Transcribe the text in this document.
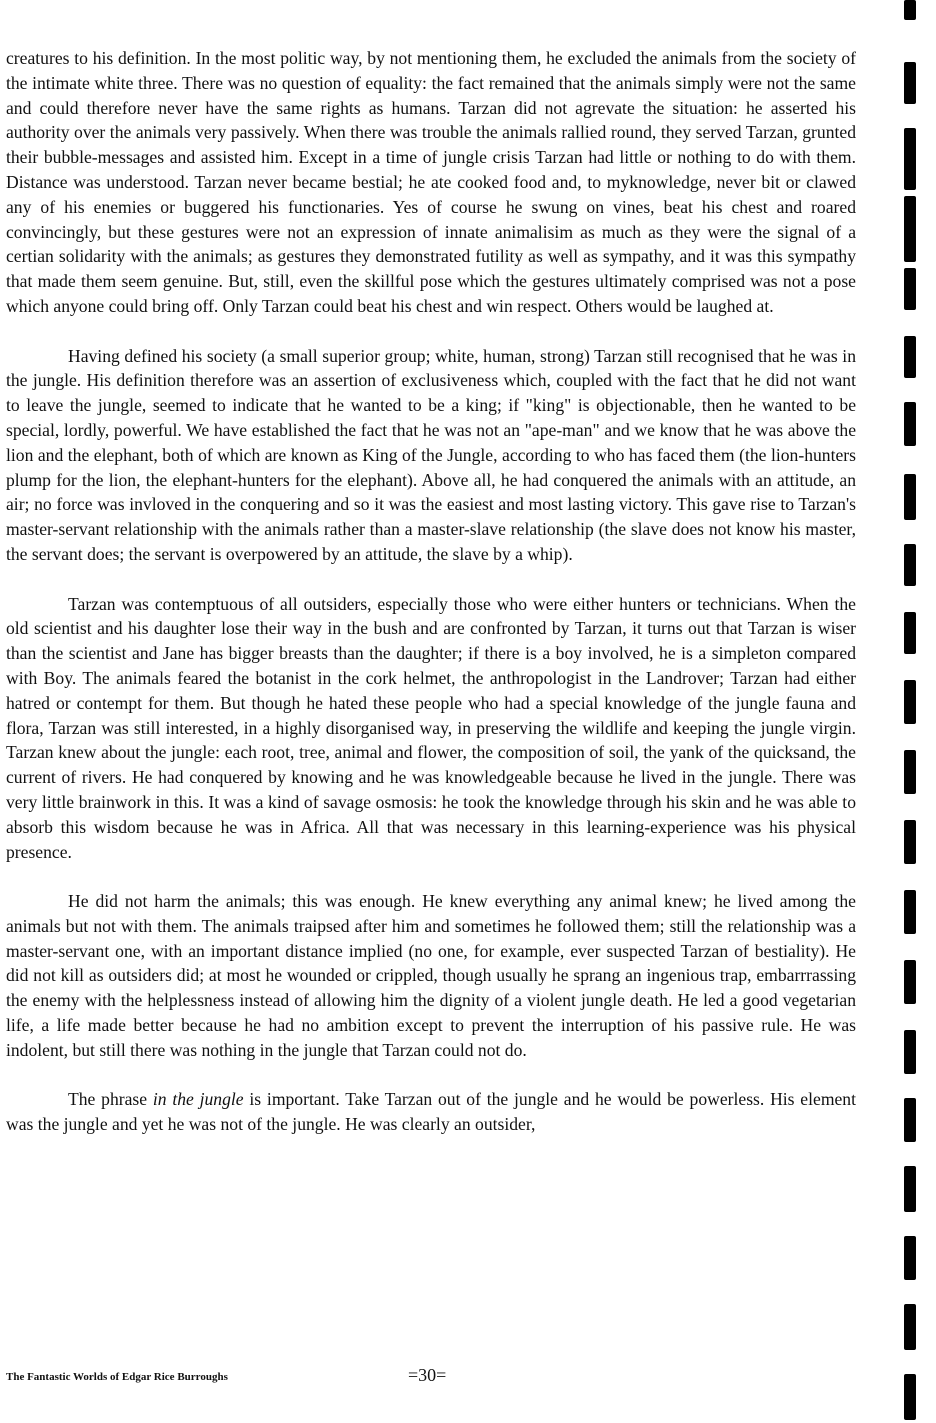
creatures to his definition. In the most politic way, by not mentioning them, he excluded the animals from the society of the intimate white three. There was no question of equality: the fact remained that the animals simply were not the same and could therefore never have the same rights as humans. Tarzan did not agrevate the situation: he asserted his authority over the animals very passively. When there was trouble the animals rallied round, they served Tarzan, grunted their bubble-messages and assisted him. Except in a time of jungle crisis Tarzan had little or nothing to do with them. Distance was understood. Tarzan never became bestial; he ate cooked food and, to myknowledge, never bit or clawed any of his enemies or buggered his functionaries. Yes of course he swung on vines, beat his chest and roared convincingly, but these gestures were not an expression of innate animalisim as much as they were the signal of a certian solidarity with the animals; as gestures they demonstrated futility as well as sympathy, and it was this sympathy that made them seem genuine. But, still, even the skillful pose which the gestures ultimately comprised was not a pose which anyone could bring off. Only Tarzan could beat his chest and win respect. Others would be laughed at.

Having defined his society (a small superior group; white, human, strong) Tarzan still recognised that he was in the jungle. His definition therefore was an assertion of exclusiveness which, coupled with the fact that he did not want to leave the jungle, seemed to indicate that he wanted to be a king; if "king" is objectionable, then he wanted to be special, lordly, powerful. We have established the fact that he was not an "ape-man" and we know that he was above the lion and the elephant, both of which are known as King of the Jungle, according to who has faced them (the lion-hunters plump for the lion, the elephant-hunters for the elephant). Above all, he had conquered the animals with an attitude, an air; no force was invloved in the conquering and so it was the easiest and most lasting victory. This gave rise to Tarzan's master-servant relationship with the animals rather than a master-slave relationship (the slave does not know his master, the servant does; the servant is overpowered by an attitude, the slave by a whip).

Tarzan was contemptuous of all outsiders, especially those who were either hunters or technicians. When the old scientist and his daughter lose their way in the bush and are confronted by Tarzan, it turns out that Tarzan is wiser than the scientist and Jane has bigger breasts than the daughter; if there is a boy involved, he is a simpleton compared with Boy. The animals feared the botanist in the cork helmet, the anthropologist in the Landrover; Tarzan had either hatred or contempt for them. But though he hated these people who had a special knowledge of the jungle fauna and flora, Tarzan was still interested, in a highly disorganised way, in preserving the wildlife and keeping the jungle virgin. Tarzan knew about the jungle: each root, tree, animal and flower, the composition of soil, the yank of the quicksand, the current of rivers. He had conquered by knowing and he was knowledgeable because he lived in the jungle. There was very little brainwork in this. It was a kind of savage osmosis: he took the knowledge through his skin and he was able to absorb this wisdom because he was in Africa. All that was necessary in this learning-experience was his physical presence.

He did not harm the animals; this was enough. He knew everything any animal knew; he lived among the animals but not with them. The animals traipsed after him and sometimes he followed them; still the relationship was a master-servant one, with an important distance implied (no one, for example, ever suspected Tarzan of bestiality). He did not kill as outsiders did; at most he wounded or crippled, though usually he sprang an ingenious trap, embarrrassing the enemy with the helplessness instead of allowing him the dignity of a violent jungle death. He led a good vegetarian life, a life made better because he had no ambition except to prevent the interruption of his passive rule. He was indolent, but still there was nothing in the jungle that Tarzan could not do.

The phrase in the jungle is important. Take Tarzan out of the jungle and he would be powerless. His element was the jungle and yet he was not of the jungle. He was clearly an outsider,

The Fantastic Worlds of Edgar Rice Burroughs	=30=
